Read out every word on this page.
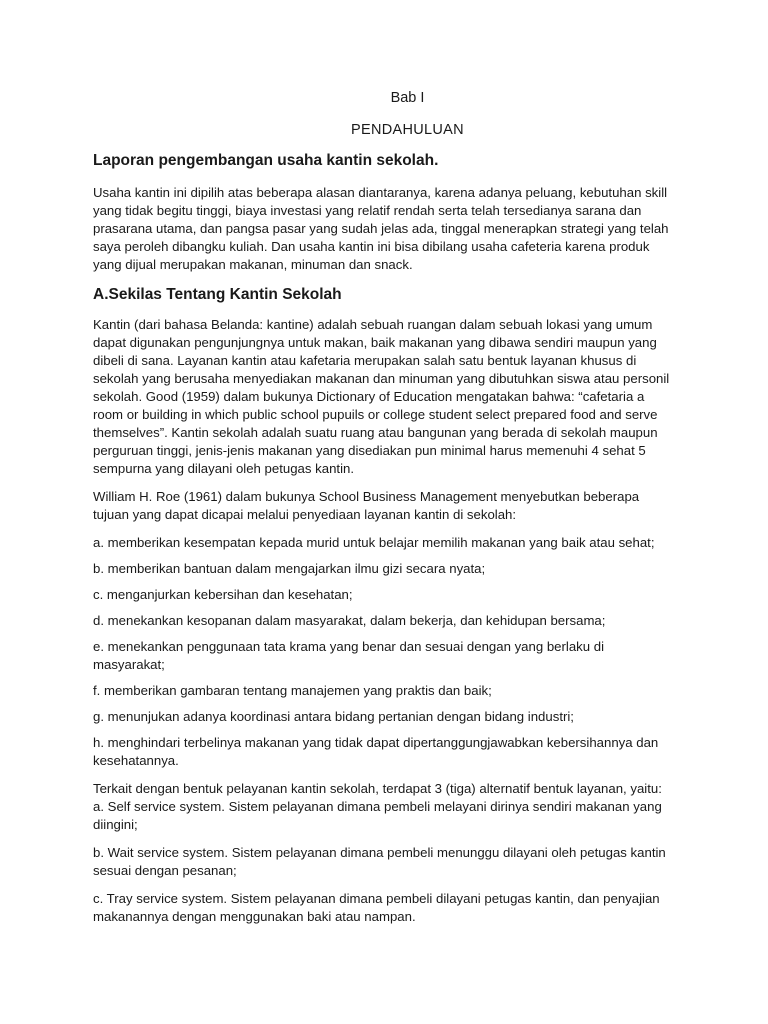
Bab I

PENDAHULUAN

Laporan pengembangan usaha kantin sekolah.

Usaha kantin ini dipilih atas beberapa alasan diantaranya, karena adanya peluang, kebutuhan skill yang tidak begitu tinggi, biaya investasi yang relatif rendah serta telah tersedianya sarana dan prasarana utama, dan pangsa pasar yang sudah jelas ada, tinggal menerapkan strategi yang telah saya peroleh dibangku kuliah. Dan usaha kantin ini bisa dibilang usaha cafeteria karena produk yang dijual merupakan makanan, minuman dan snack.

A.Sekilas Tentang Kantin Sekolah

Kantin (dari bahasa Belanda: kantine) adalah sebuah ruangan dalam sebuah lokasi yang umum dapat digunakan pengunjungnya untuk makan, baik makanan yang dibawa sendiri maupun yang dibeli di sana. Layanan kantin atau kafetaria merupakan salah satu bentuk layanan khusus di sekolah yang berusaha menyediakan makanan dan minuman yang dibutuhkan siswa atau personil sekolah. Good (1959) dalam bukunya Dictionary of Education mengatakan bahwa: “cafetaria a room or building in which public school pupuils or college student select prepared food and serve themselves”. Kantin sekolah adalah suatu ruang atau bangunan yang berada di sekolah maupun perguruan tinggi, jenis-jenis makanan yang disediakan pun minimal harus memenuhi 4 sehat 5 sempurna yang dilayani oleh petugas kantin.

William H. Roe (1961) dalam bukunya School Business Management menyebutkan beberapa tujuan yang dapat dicapai melalui penyediaan layanan kantin di sekolah:

a. memberikan kesempatan kepada murid untuk belajar memilih makanan yang baik atau sehat;

b. memberikan bantuan dalam mengajarkan ilmu gizi secara nyata;

c. menganjurkan kebersihan dan kesehatan;

d. menekankan kesopanan dalam masyarakat, dalam bekerja, dan kehidupan bersama;

e. menekankan penggunaan tata krama yang benar dan sesuai dengan yang berlaku di masyarakat;

f. memberikan gambaran tentang manajemen yang praktis dan baik;

g. menunjukan adanya koordinasi antara bidang pertanian dengan bidang industri;

h. menghindari terbelinya makanan yang tidak dapat dipertanggungjawabkan kebersihannya dan kesehatannya.

Terkait dengan bentuk pelayanan kantin sekolah, terdapat 3 (tiga) alternatif bentuk layanan, yaitu: a. Self service system. Sistem pelayanan dimana pembeli melayani dirinya sendiri makanan yang diingini;

b. Wait service system. Sistem pelayanan dimana pembeli menunggu dilayani oleh petugas kantin sesuai dengan pesanan;

c. Tray service system. Sistem pelayanan dimana pembeli dilayani petugas kantin, dan penyajian makanannya dengan menggunakan baki atau nampan.
